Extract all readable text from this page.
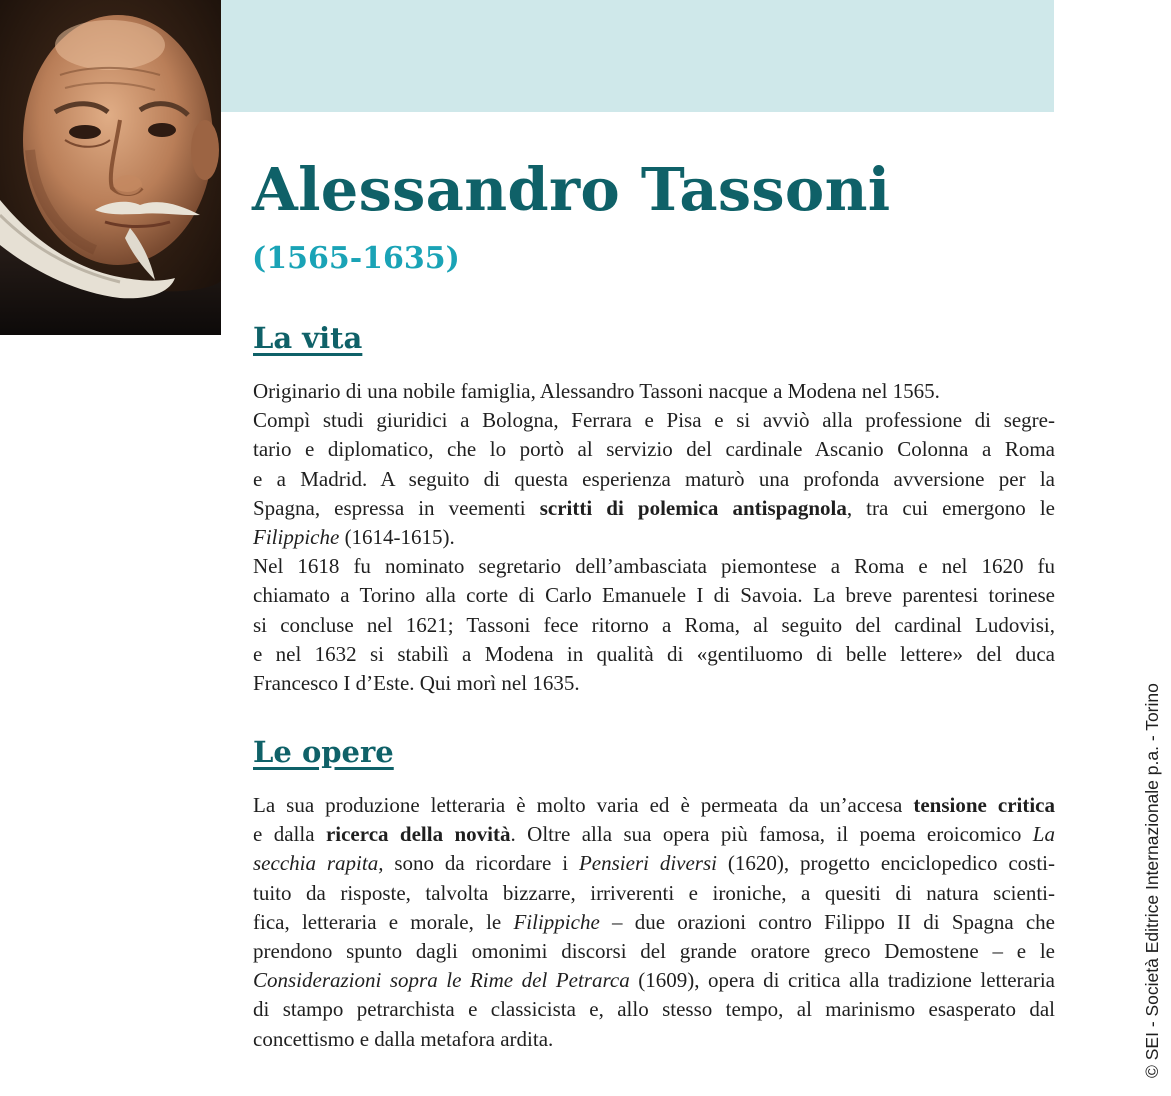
Alessandro Tassoni
(1565-1635)
La vita
Originario di una nobile famiglia, Alessandro Tassoni nacque a Modena nel 1565.
Compì studi giuridici a Bologna, Ferrara e Pisa e si avviò alla professione di segre-
tario e diplomatico, che lo portò al servizio del cardinale Ascanio Colonna a Roma
e a Madrid. A seguito di questa esperienza maturò una profonda avversione per la
Spagna, espressa in veementi scritti di polemica antispagnola, tra cui emergono le
Filippiche (1614-1615).
Nel 1618 fu nominato segretario dell’ambasciata piemontese a Roma e nel 1620 fu
chiamato a Torino alla corte di Carlo Emanuele I di Savoia. La breve parentesi torinese
si concluse nel 1621; Tassoni fece ritorno a Roma, al seguito del cardinal Ludovisi,
e nel 1632 si stabilì a Modena in qualità di «gentiluomo di belle lettere» del duca
Francesco I d’Este. Qui morì nel 1635.
Le opere
La sua produzione letteraria è molto varia ed è permeata da un’accesa tensione critica
e dalla ricerca della novità. Oltre alla sua opera più famosa, il poema eroicomico La
secchia rapita, sono da ricordare i Pensieri diversi (1620), progetto enciclopedico costi-
tuito da risposte, talvolta bizzarre, irriverenti e ironiche, a quesiti di natura scienti-
fica, letteraria e morale, le Filippiche – due orazioni contro Filippo II di Spagna che
prendono spunto dagli omonimi discorsi del grande oratore greco Demostene – e le
Considerazioni sopra le Rime del Petrarca (1609), opera di critica alla tradizione letteraria
di stampo petrarchista e classicista e, allo stesso tempo, al marinismo esasperato dal
concettismo e dalla metafora ardita.	© SEI - Società Editrice Internazionale p.a. - Torino
